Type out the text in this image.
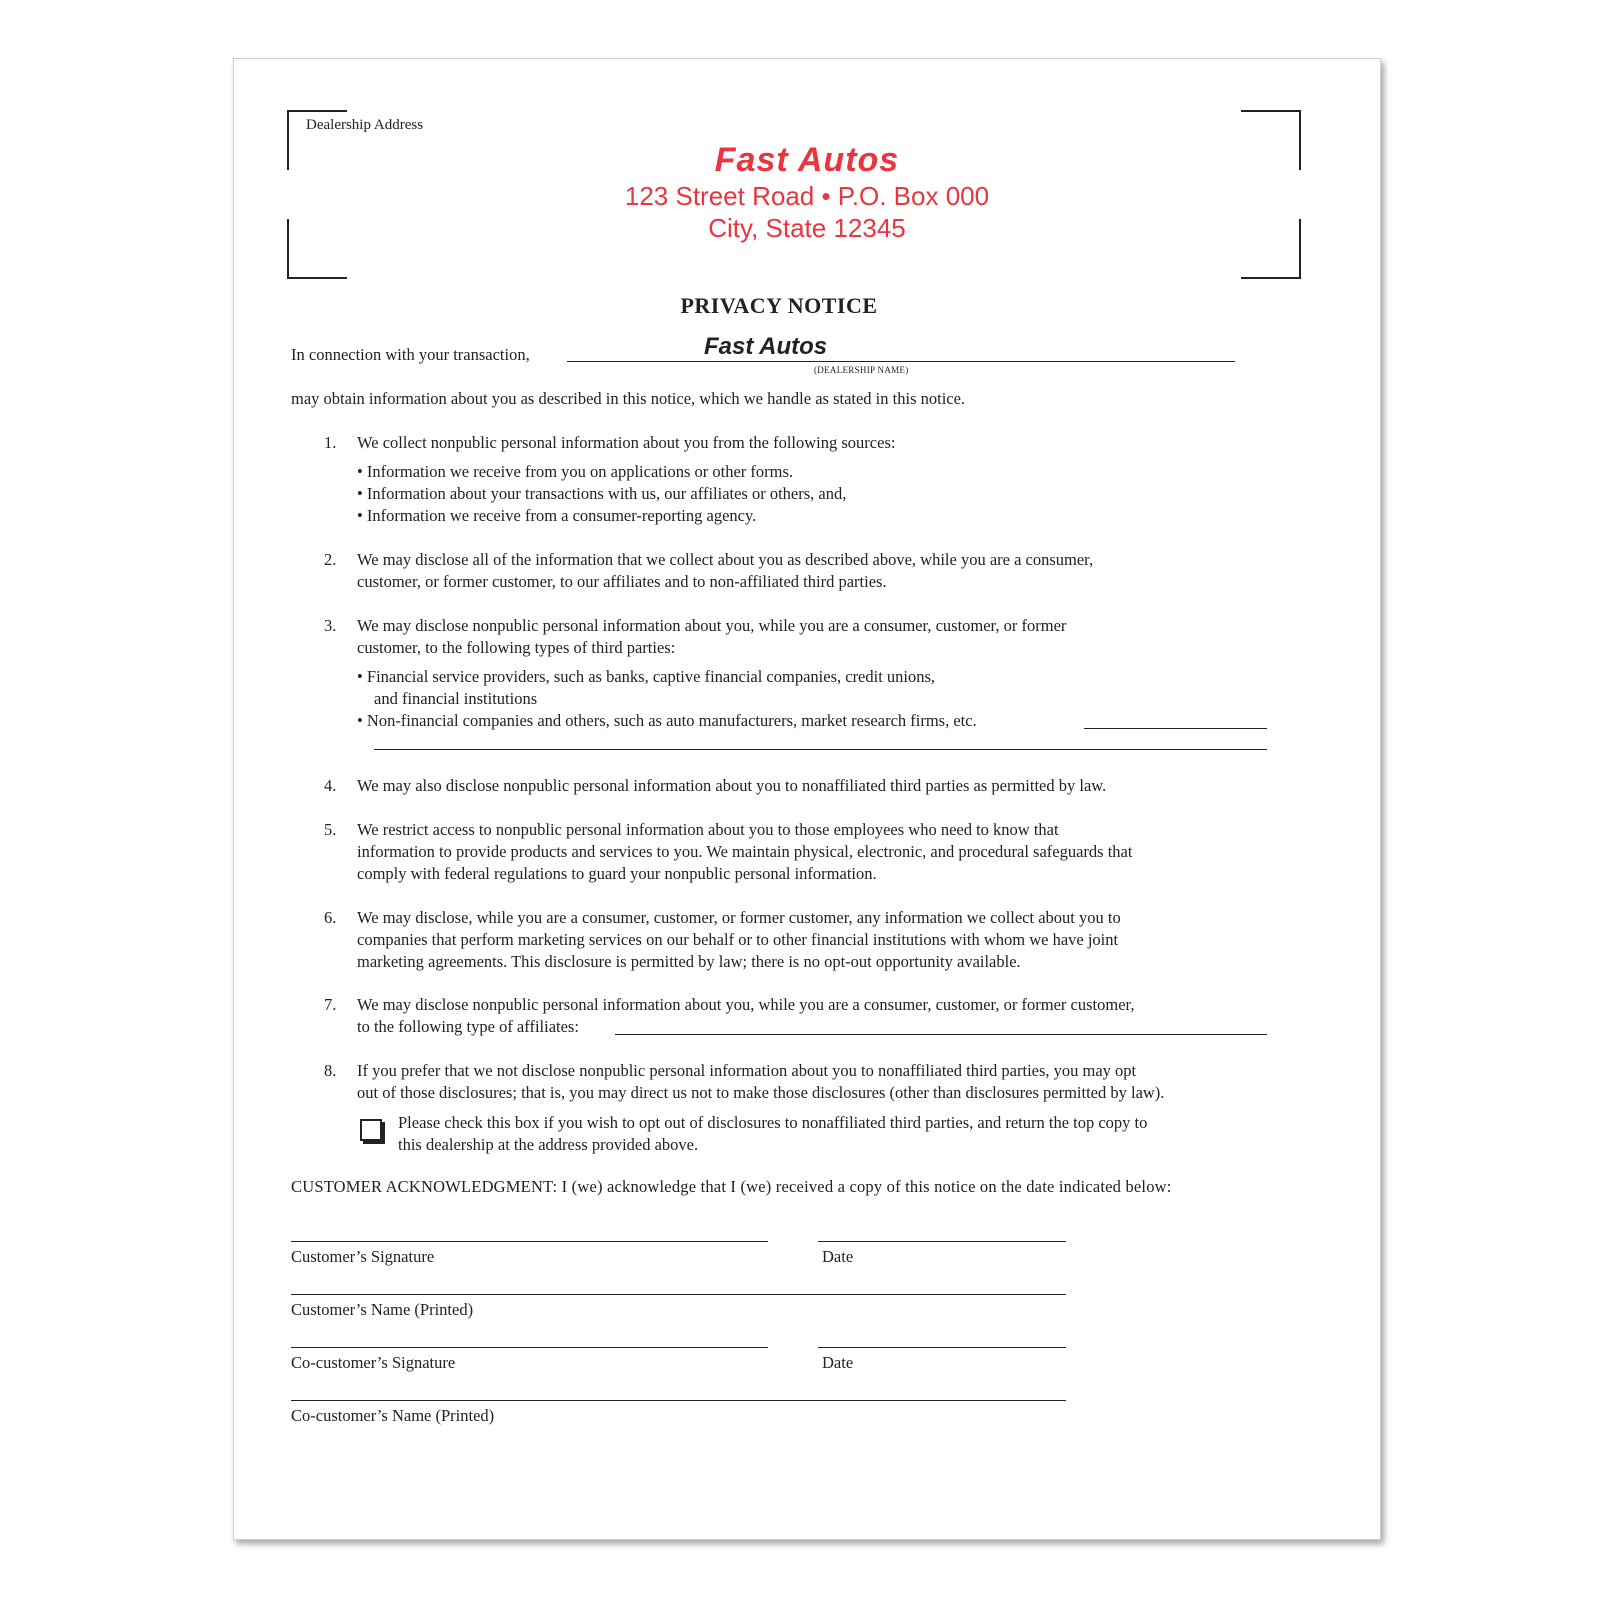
Dealership Address
Fast Autos
123 Street Road • P.O. Box 000
City, State 12345
PRIVACY NOTICE
In connection with your transaction,	Fast Autos
(DEALERSHIP NAME)
may obtain information about you as described in this notice, which we handle as stated in this notice.
1. We collect nonpublic personal information about you from the following sources:
• Information we receive from you on applications or other forms.
• Information about your transactions with us, our affiliates or others, and,
• Information we receive from a consumer-reporting agency.
2. We may disclose all of the information that we collect about you as described above, while you are a consumer,
customer, or former customer, to our affiliates and to non-affiliated third parties.
3. We may disclose nonpublic personal information about you, while you are a consumer, customer, or former
customer, to the following types of third parties:
• Financial service providers, such as banks, captive financial companies, credit unions,
and financial institutions
• Non-financial companies and others, such as auto manufacturers, market research firms, etc.
4. We may also disclose nonpublic personal information about you to nonaffiliated third parties as permitted by law.
5. We restrict access to nonpublic personal information about you to those employees who need to know that
information to provide products and services to you. We maintain physical, electronic, and procedural safeguards that
comply with federal regulations to guard your nonpublic personal information.
6. We may disclose, while you are a consumer, customer, or former customer, any information we collect about you to
companies that perform marketing services on our behalf or to other financial institutions with whom we have joint
marketing agreements. This disclosure is permitted by law; there is no opt-out opportunity available.
7. We may disclose nonpublic personal information about you, while you are a consumer, customer, or former customer,
to the following type of affiliates:
8. If you prefer that we not disclose nonpublic personal information about you to nonaffiliated third parties, you may opt
out of those disclosures; that is, you may direct us not to make those disclosures (other than disclosures permitted by law).
Please check this box if you wish to opt out of disclosures to nonaffiliated third parties, and return the top copy to
this dealership at the address provided above.
CUSTOMER ACKNOWLEDGMENT: I (we) acknowledge that I (we) received a copy of this notice on the date indicated below:
Customer’s Signature	Date
Customer’s Name (Printed)
Co-customer’s Signature	Date
Co-customer’s Name (Printed)
